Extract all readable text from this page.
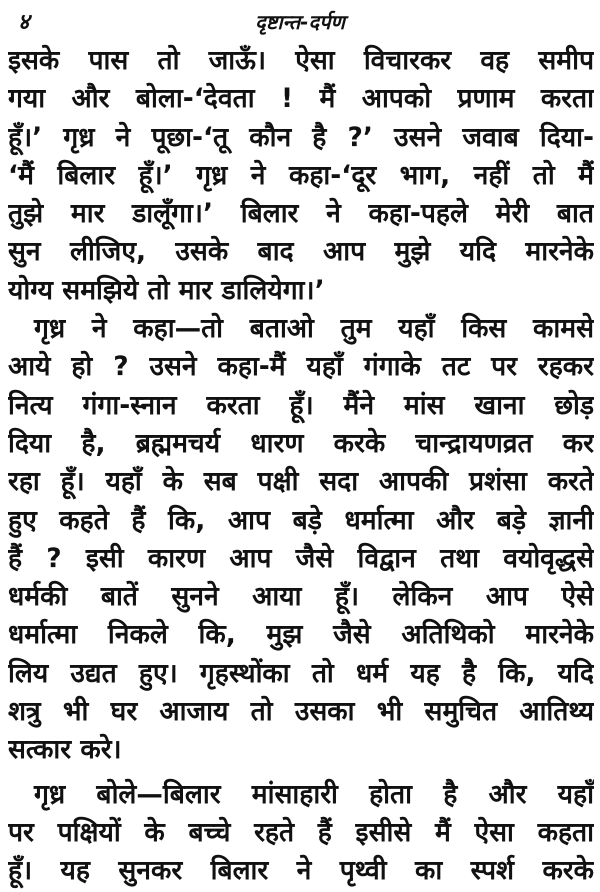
४	दृष्टान्त-दर्पण
इसके पास तो जाऊँ। ऐसा विचारकर वह समीप
गया और बोला-‘देवता ! मैं आपको प्रणाम करता
हूँ।’ गृध्र ने पूछा-‘तू कौन है ?’ उसने जवाब दिया-
‘मैं बिलार हूँ।’ गृध्र ने कहा-‘दूर भाग, नहीं तो मैं
तुझे मार डालूँगा।’ बिलार ने कहा-पहले मेरी बात
सुन लीजिए, उसके बाद आप मुझे यदि मारनेके
योग्य समझिये तो मार डालियेगा।’
गृध्र ने कहा—तो बताओ तुम यहाँ किस कामसे
आये हो ? उसने कहा-मैं यहाँ गंगाके तट पर रहकर
नित्य गंगा-स्नान करता हूँ। मैंने मांस खाना छोड़
दिया है, ब्रह्ममचर्य धारण करके चान्द्रायणव्रत कर
रहा हूँ। यहाँ के सब पक्षी सदा आपकी प्रशंसा करते
हुए कहते हैं कि, आप बड़े धर्मात्मा और बड़े ज्ञानी
हैं ? इसी कारण आप जैसे विद्वान तथा वयोवृद्धसे
धर्मकी बातें सुनने आया हूँ। लेकिन आप ऐसे
धर्मात्मा निकले कि, मुझ जैसे अतिथिको मारनेके
लिय उद्यत हुए। गृहस्थोंका तो धर्म यह है कि, यदि
शत्रु भी घर आजाय तो उसका भी समुचित आतिथ्य
सत्कार करे।
गृध्र बोले—बिलार मांसाहारी होता है और यहाँ
पर पक्षियों के बच्चे रहते हैं इसीसे मैं ऐसा कहता
हूँ। यह सुनकर बिलार ने पृथ्वी का स्पर्श करके
